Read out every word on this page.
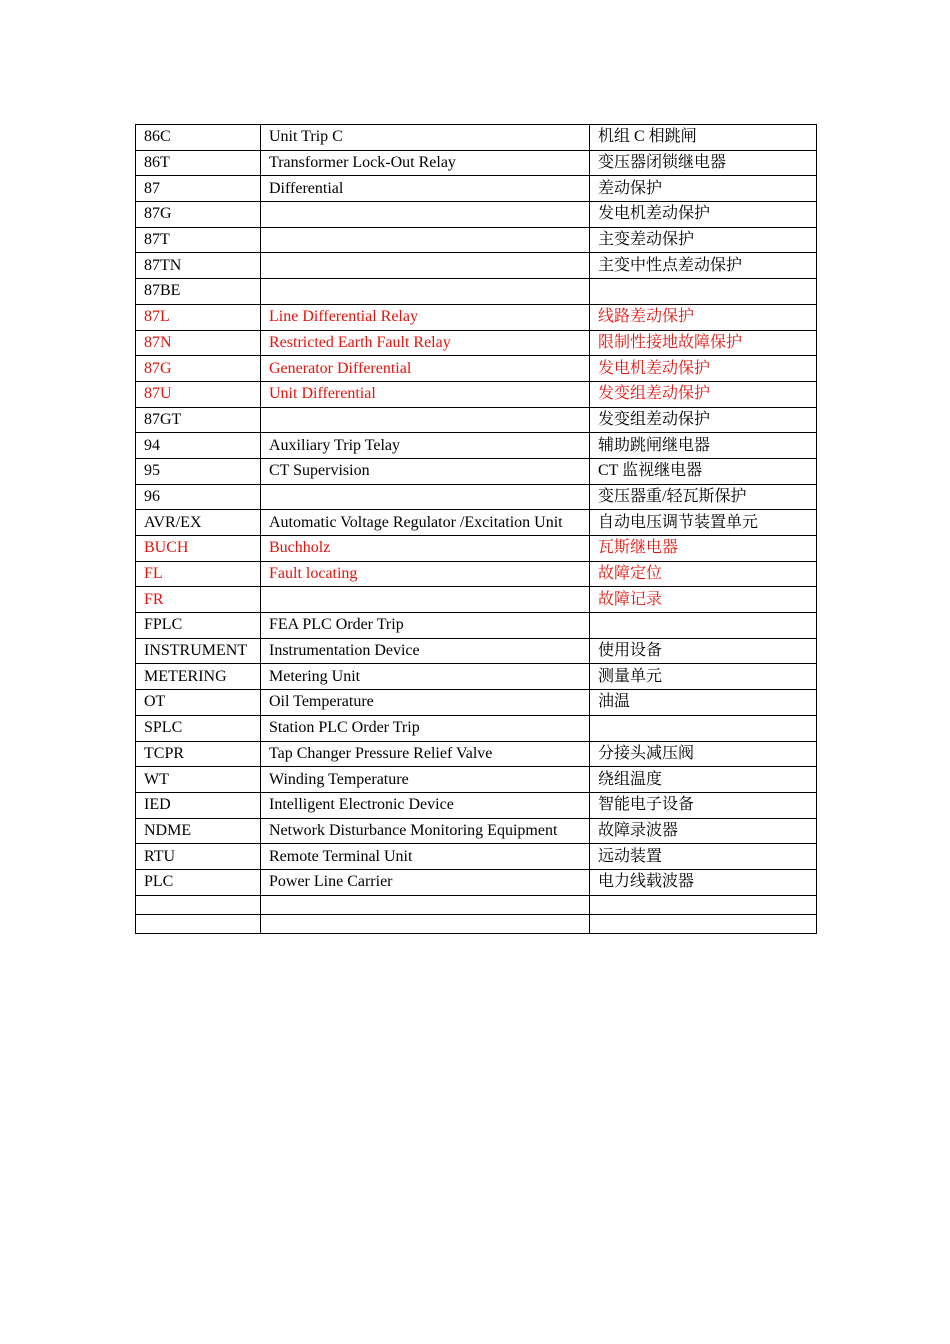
86C	Unit Trip C	机组 C 相跳闸
86T	Transformer Lock-Out Relay	变压器闭锁继电器
87	Differential	差动保护
87G		发电机差动保护
87T		主变差动保护
87TN		主变中性点差动保护
87BE		
87L	Line Differential Relay	线路差动保护
87N	Restricted Earth Fault Relay	限制性接地故障保护
87G	Generator Differential	发电机差动保护
87U	Unit Differential	发变组差动保护
87GT		发变组差动保护
94	Auxiliary Trip Telay	辅助跳闸继电器
95	CT Supervision	CT 监视继电器
96		变压器重/轻瓦斯保护
AVR/EX	Automatic Voltage Regulator /Excitation Unit	自动电压调节装置单元
BUCH	Buchholz	瓦斯继电器
FL	Fault locating	故障定位
FR		故障记录
FPLC	FEA PLC Order Trip	
INSTRUMENT	Instrumentation Device	使用设备
METERING	Metering Unit	测量单元
OT	Oil Temperature	油温
SPLC	Station PLC Order Trip	
TCPR	Tap Changer Pressure Relief Valve	分接头减压阀
WT	Winding Temperature	绕组温度
IED	Intelligent Electronic Device	智能电子设备
NDME	Network Disturbance Monitoring Equipment	故障录波器
RTU	Remote Terminal Unit	远动装置
PLC	Power Line Carrier	电力线载波器
